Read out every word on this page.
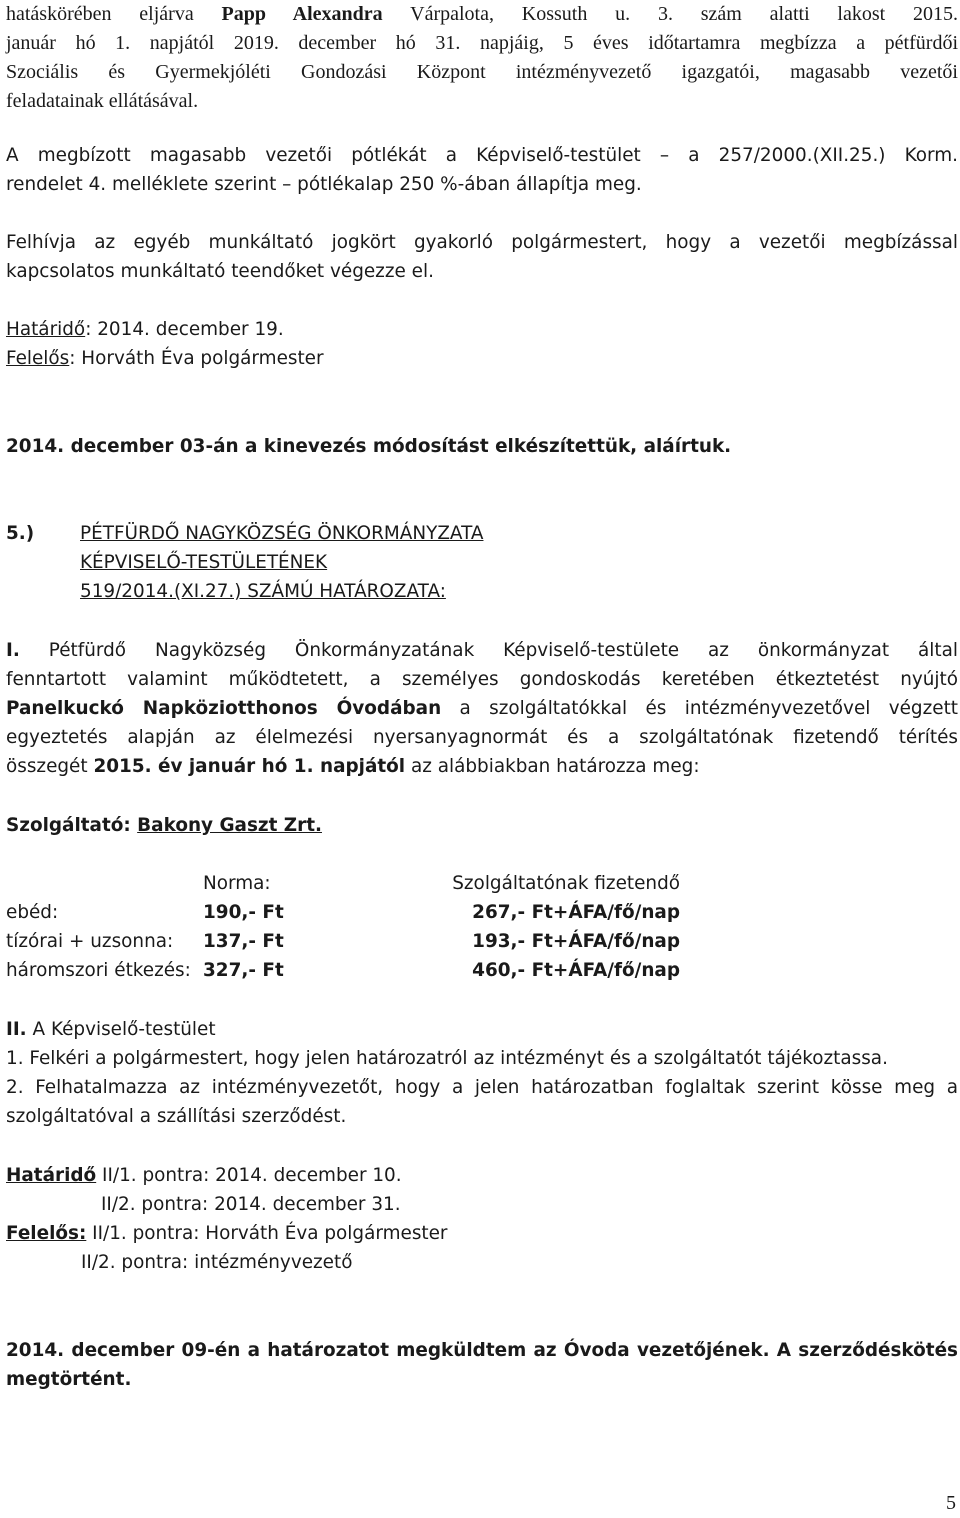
hatáskörében eljárva Papp Alexandra Várpalota, Kossuth u. 3. szám alatti lakost 2015.

január hó 1. napjától 2019. december hó 31. napjáig, 5 éves időtartamra megbízza a pétfürdői

Szociális és Gyermekjóléti Gondozási Központ intézményvezető igazgatói, magasabb vezetői

feladatainak ellátásával.

A megbízott magasabb vezetői pótlékát a Képviselő-testület – a 257/2000.(XII.25.) Korm.

rendelet 4. melléklete szerint – pótlékalap 250 %-ában állapítja meg.

Felhívja az egyéb munkáltató jogkört gyakorló polgármestert, hogy a vezetői megbízással

kapcsolatos munkáltató teendőket végezze el.

Határidő: 2014. december 19.

Felelős: Horváth Éva polgármester

2014. december 03-án a kinevezés módosítást elkészítettük, aláírtuk.

5.) PÉTFÜRDŐ NAGYKÖZSÉG ÖNKORMÁNYZATA

KÉPVISELŐ-TESTÜLETÉNEK

519/2014.(XI.27.) SZÁMÚ HATÁROZATA:

I. Pétfürdő Nagyközség Önkormányzatának Képviselő-testülete az önkormányzat által

fenntartott valamint működtetett, a személyes gondoskodás keretében étkeztetést nyújtó

Panelkuckó Napköziotthonos Óvodában a szolgáltatókkal és intézményvezetővel végzett

egyeztetés alapján az élelmezési nyersanyagnormát és a szolgáltatónak fizetendő térítés

összegét 2015. év január hó 1. napjától az alábbiakban határozza meg:

Szolgáltató: Bakony Gaszt Zrt.

	Norma:	Szolgáltatónak fizetendő
ebéd:	190,- Ft	267,- Ft+ÁFA/fő/nap
tízórai + uzsonna:	137,- Ft	193,- Ft+ÁFA/fő/nap
háromszori étkezés:	327,- Ft	460,- Ft+ÁFA/fő/nap

II. A Képviselő-testület

1. Felkéri a polgármestert, hogy jelen határozatról az intézményt és a szolgáltatót tájékoztassa.

2. Felhatalmazza az intézményvezetőt, hogy a jelen határozatban foglaltak szerint kösse meg a

szolgáltatóval a szállítási szerződést.

Határidő II/1. pontra: 2014. december 10.

II/2. pontra: 2014. december 31.

Felelős: II/1. pontra: Horváth Éva polgármester

II/2. pontra: intézményvezető

2014. december 09-én a határozatot megküldtem az Óvoda vezetőjének. A szerződéskötés

megtörtént.

5
